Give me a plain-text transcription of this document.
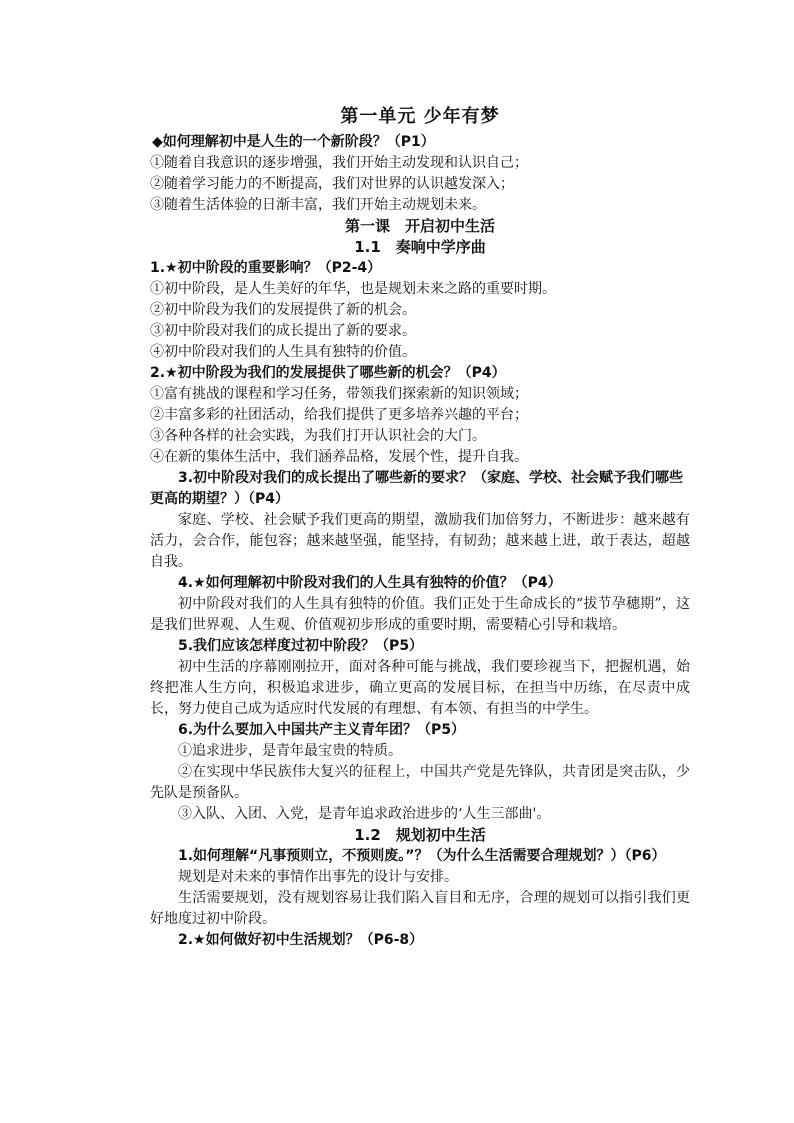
第一单元 少年有梦

◆如何理解初中是人生的一个新阶段？（P1）

①随着自我意识的逐步增强，我们开始主动发现和认识自己；

②随着学习能力的不断提高，我们对世界的认识越发深入；

③随着生活体验的日渐丰富，我们开始主动规划未来。

第一课　开启初中生活

1.1　奏响中学序曲

1.★初中阶段的重要影响？（P2-4）

①初中阶段，是人生美好的年华，也是规划未来之路的重要时期。

②初中阶段为我们的发展提供了新的机会。

③初中阶段对我们的成长提出了新的要求。

④初中阶段对我们的人生具有独特的价值。

2.★初中阶段为我们的发展提供了哪些新的机会？（P4）

①富有挑战的课程和学习任务，带领我们探索新的知识领域；

②丰富多彩的社团活动，给我们提供了更多培养兴趣的平台；

③各种各样的社会实践，为我们打开认识社会的大门。

④在新的集体生活中，我们涵养品格，发展个性，提升自我。

3.初中阶段对我们的成长提出了哪些新的要求？（家庭、学校、社会赋予我们哪些更高的期望？）（P4）

家庭、学校、社会赋予我们更高的期望，激励我们加倍努力，不断进步：越来越有活力，会合作，能包容；越来越坚强，能坚持，有韧劲；越来越上进，敢于表达，超越自我。

4.★如何理解初中阶段对我们的人生具有独特的价值？（P4）

初中阶段对我们的人生具有独特的价值。我们正处于生命成长的“拔节孕穗期”，这是我们世界观、人生观、价值观初步形成的重要时期，需要精心引导和栽培。

5.我们应该怎样度过初中阶段？（P5）

初中生活的序幕刚刚拉开，面对各种可能与挑战，我们要珍视当下，把握机遇，始终把准人生方向，积极追求进步，确立更高的发展目标，在担当中历练，在尽责中成长，努力使自己成为适应时代发展的有理想、有本领、有担当的中学生。

6.为什么要加入中国共产主义青年团？（P5）

①追求进步，是青年最宝贵的特质。

②在实现中华民族伟大复兴的征程上，中国共产党是先锋队，共青团是突击队，少先队是预备队。

③入队、入团、入党，是青年追求政治进步的‘人生三部曲'。

1.2　规划初中生活

1.如何理解“凡事预则立，不预则废。”？（为什么生活需要合理规划？）（P6）

规划是对未来的事情作出事先的设计与安排。

生活需要规划，没有规划容易让我们陷入盲目和无序，合理的规划可以指引我们更好地度过初中阶段。

2.★如何做好初中生活规划？（P6-8）
